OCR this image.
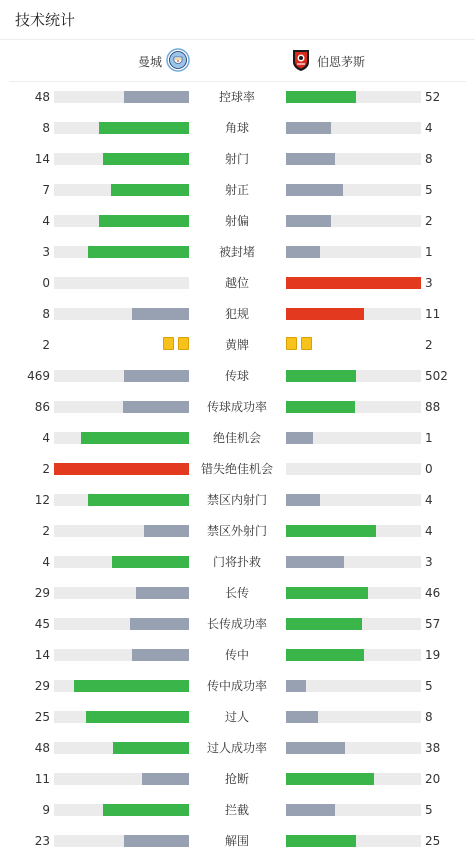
技术统计
曼城	伯恩茅斯
48	控球率	52
8	角球	4
14	射门	8
7	射正	5
4	射偏	2
3	被封堵	1
0	越位	3
8	犯规	11
2	黄牌	2
469	传球	502
86	传球成功率	88
4	绝佳机会	1
2	错失绝佳机会	0
12	禁区内射门	4
2	禁区外射门	4
4	门将扑救	3
29	长传	46
45	长传成功率	57
14	传中	19
29	传中成功率	5
25	过人	8
48	过人成功率	38
11	抢断	20
9	拦截	5
23	解围	25
